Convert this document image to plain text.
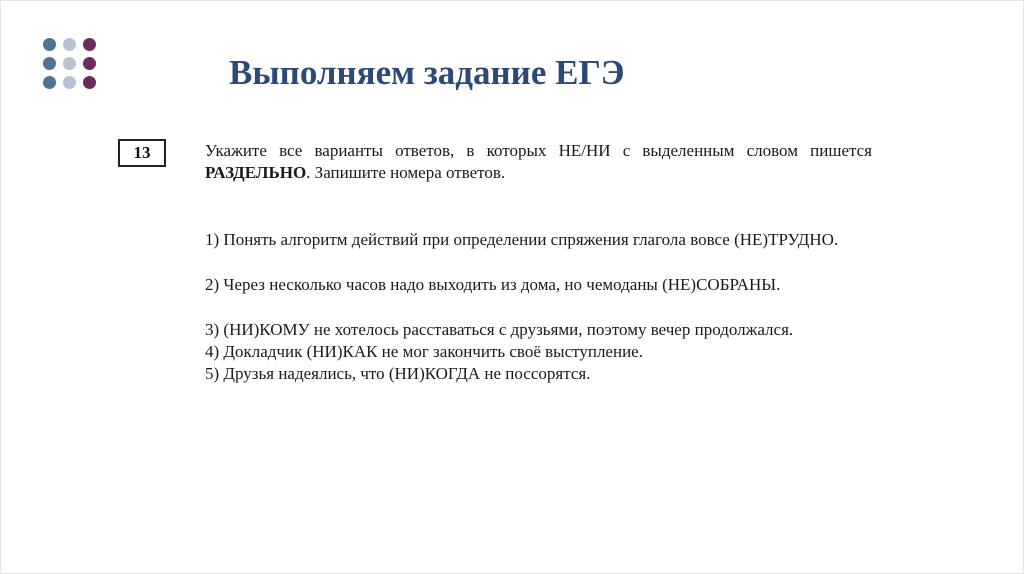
Выполняем задание ЕГЭ
13	Укажите все варианты ответов, в которых НЕ/НИ с выделенным словом пишется РАЗДЕЛЬНО. Запишите номера ответов.

1) Понять алгоритм действий при определении спряжения глагола вовсе (НЕ)ТРУДНО.

2) Через несколько часов надо выходить из дома, но чемоданы (НЕ)СОБРАНЫ.

3) (НИ)КОМУ не хотелось расставаться с друзьями, поэтому вечер продолжался.

4) Докладчик (НИ)КАК не мог закончить своё выступление.

5) Друзья надеялись, что (НИ)КОГДА не поссорятся.
